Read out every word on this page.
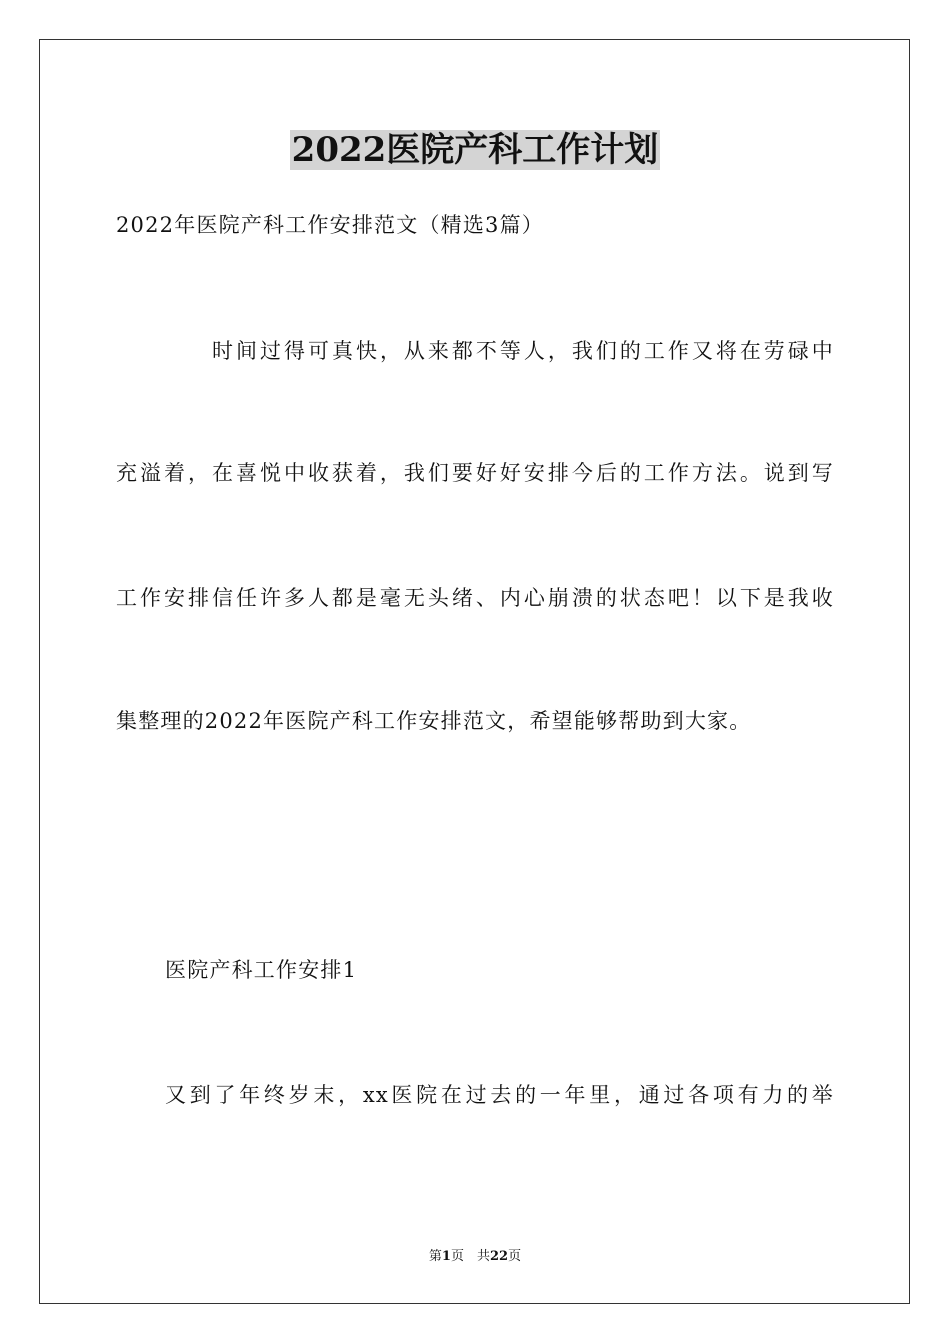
2022医院产科工作计划
2022年医院产科工作安排范文（精选3篇）
时间过得可真快，从来都不等人，我们的工作又将在劳碌中
充溢着，在喜悦中收获着，我们要好好安排今后的工作方法。说到写
工作安排信任许多人都是毫无头绪、内心崩溃的状态吧！以下是我收
集整理的2022年医院产科工作安排范文，希望能够帮助到大家。
医院产科工作安排1
又到了年终岁末，xx医院在过去的一年里，通过各项有力的举
第1页　共22页
